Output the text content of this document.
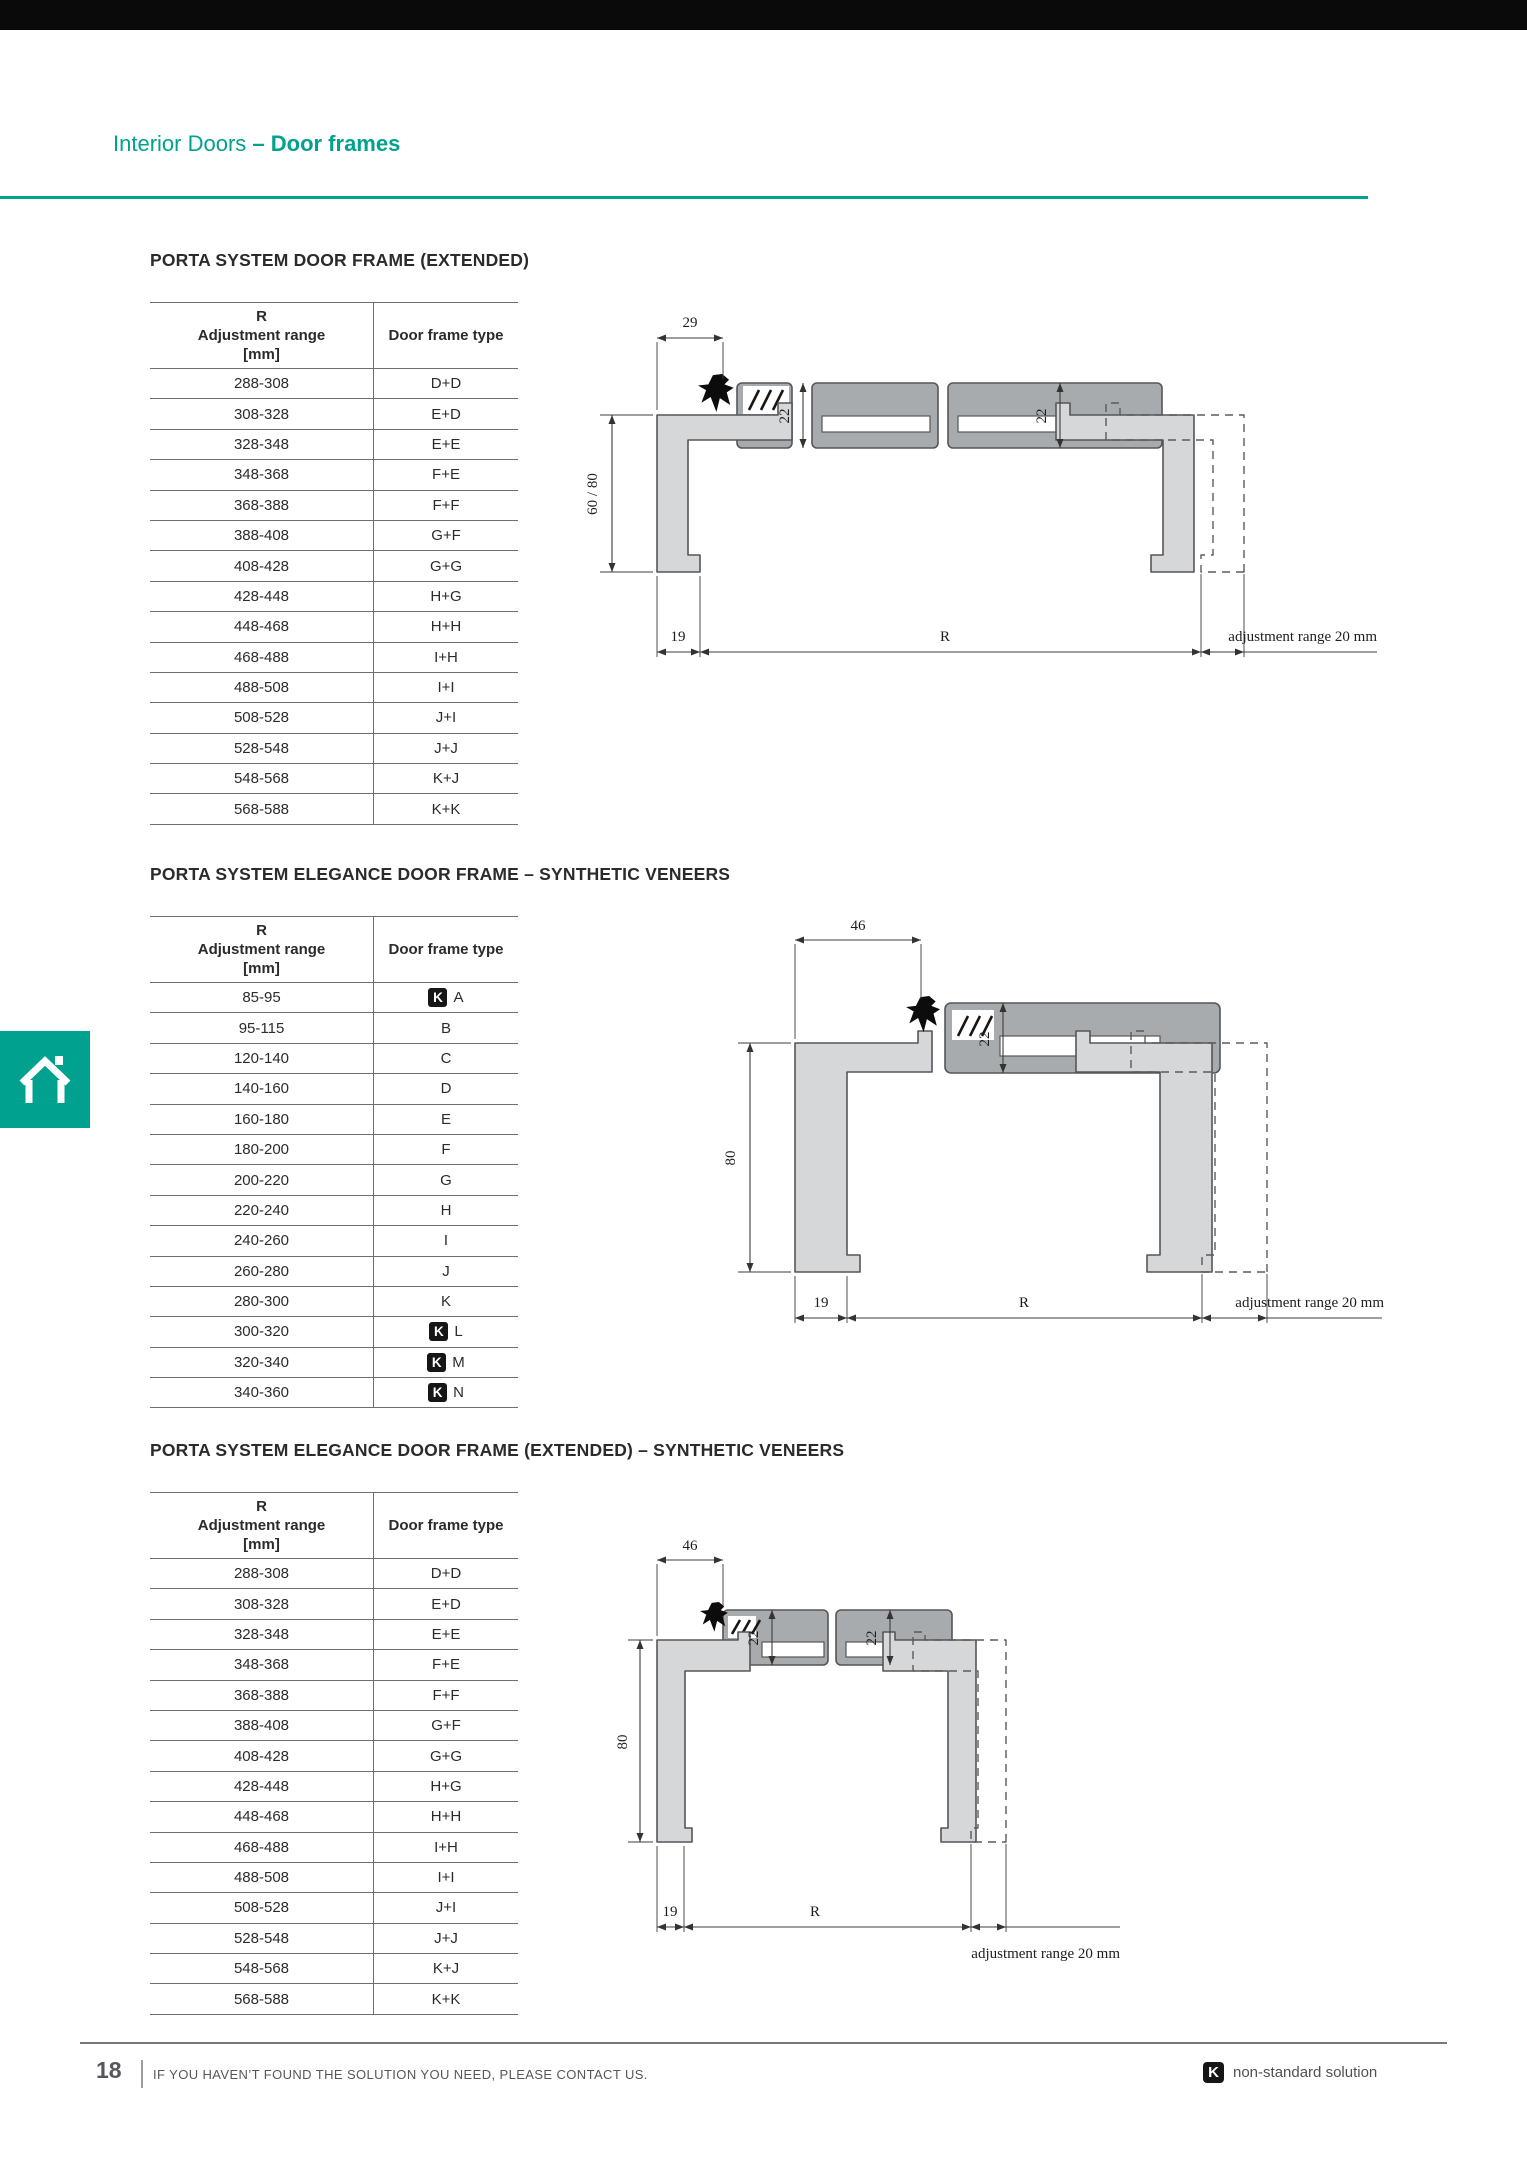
Interior Doors – Door frames
PORTA SYSTEM DOOR FRAME (EXTENDED)
R
Adjustment range
[mm]
Door frame type
288-308	D+D
308-328	E+D
328-348	E+E
348-368	F+E
368-388	F+F
388-408	G+F
408-428	G+G
428-448	H+G
448-468	H+H
468-488	I+H
488-508	I+I
508-528	J+I
528-548	J+J
548-568	K+J
568-588	K+K
29
60 / 80
22	22
19	R	adjustment range 20 mm
PORTA SYSTEM ELEGANCE DOOR FRAME – SYNTHETIC VENEERS
R
Adjustment range
[mm]
Door frame type
85-95	K A
95-115	B
120-140	C
140-160	D
160-180	E
180-200	F
200-220	G
220-240	H
240-260	I
260-280	J
280-300	K
300-320	K L
320-340	K M
340-360	K N
46
80
22
19	R	adjustment range 20 mm
PORTA SYSTEM ELEGANCE DOOR FRAME (EXTENDED) – SYNTHETIC VENEERS
R
Adjustment range
[mm]
Door frame type
288-308	D+D
308-328	E+D
328-348	E+E
348-368	F+E
368-388	F+F
388-408	G+F
408-428	G+G
428-448	H+G
448-468	H+H
468-488	I+H
488-508	I+I
508-528	J+I
528-548	J+J
548-568	K+J
568-588	K+K
46
80
22	22
19	R
adjustment range 20 mm
18 IF YOU HAVEN’T FOUND THE SOLUTION YOU NEED, PLEASE CONTACT US.	K non-standard solution
